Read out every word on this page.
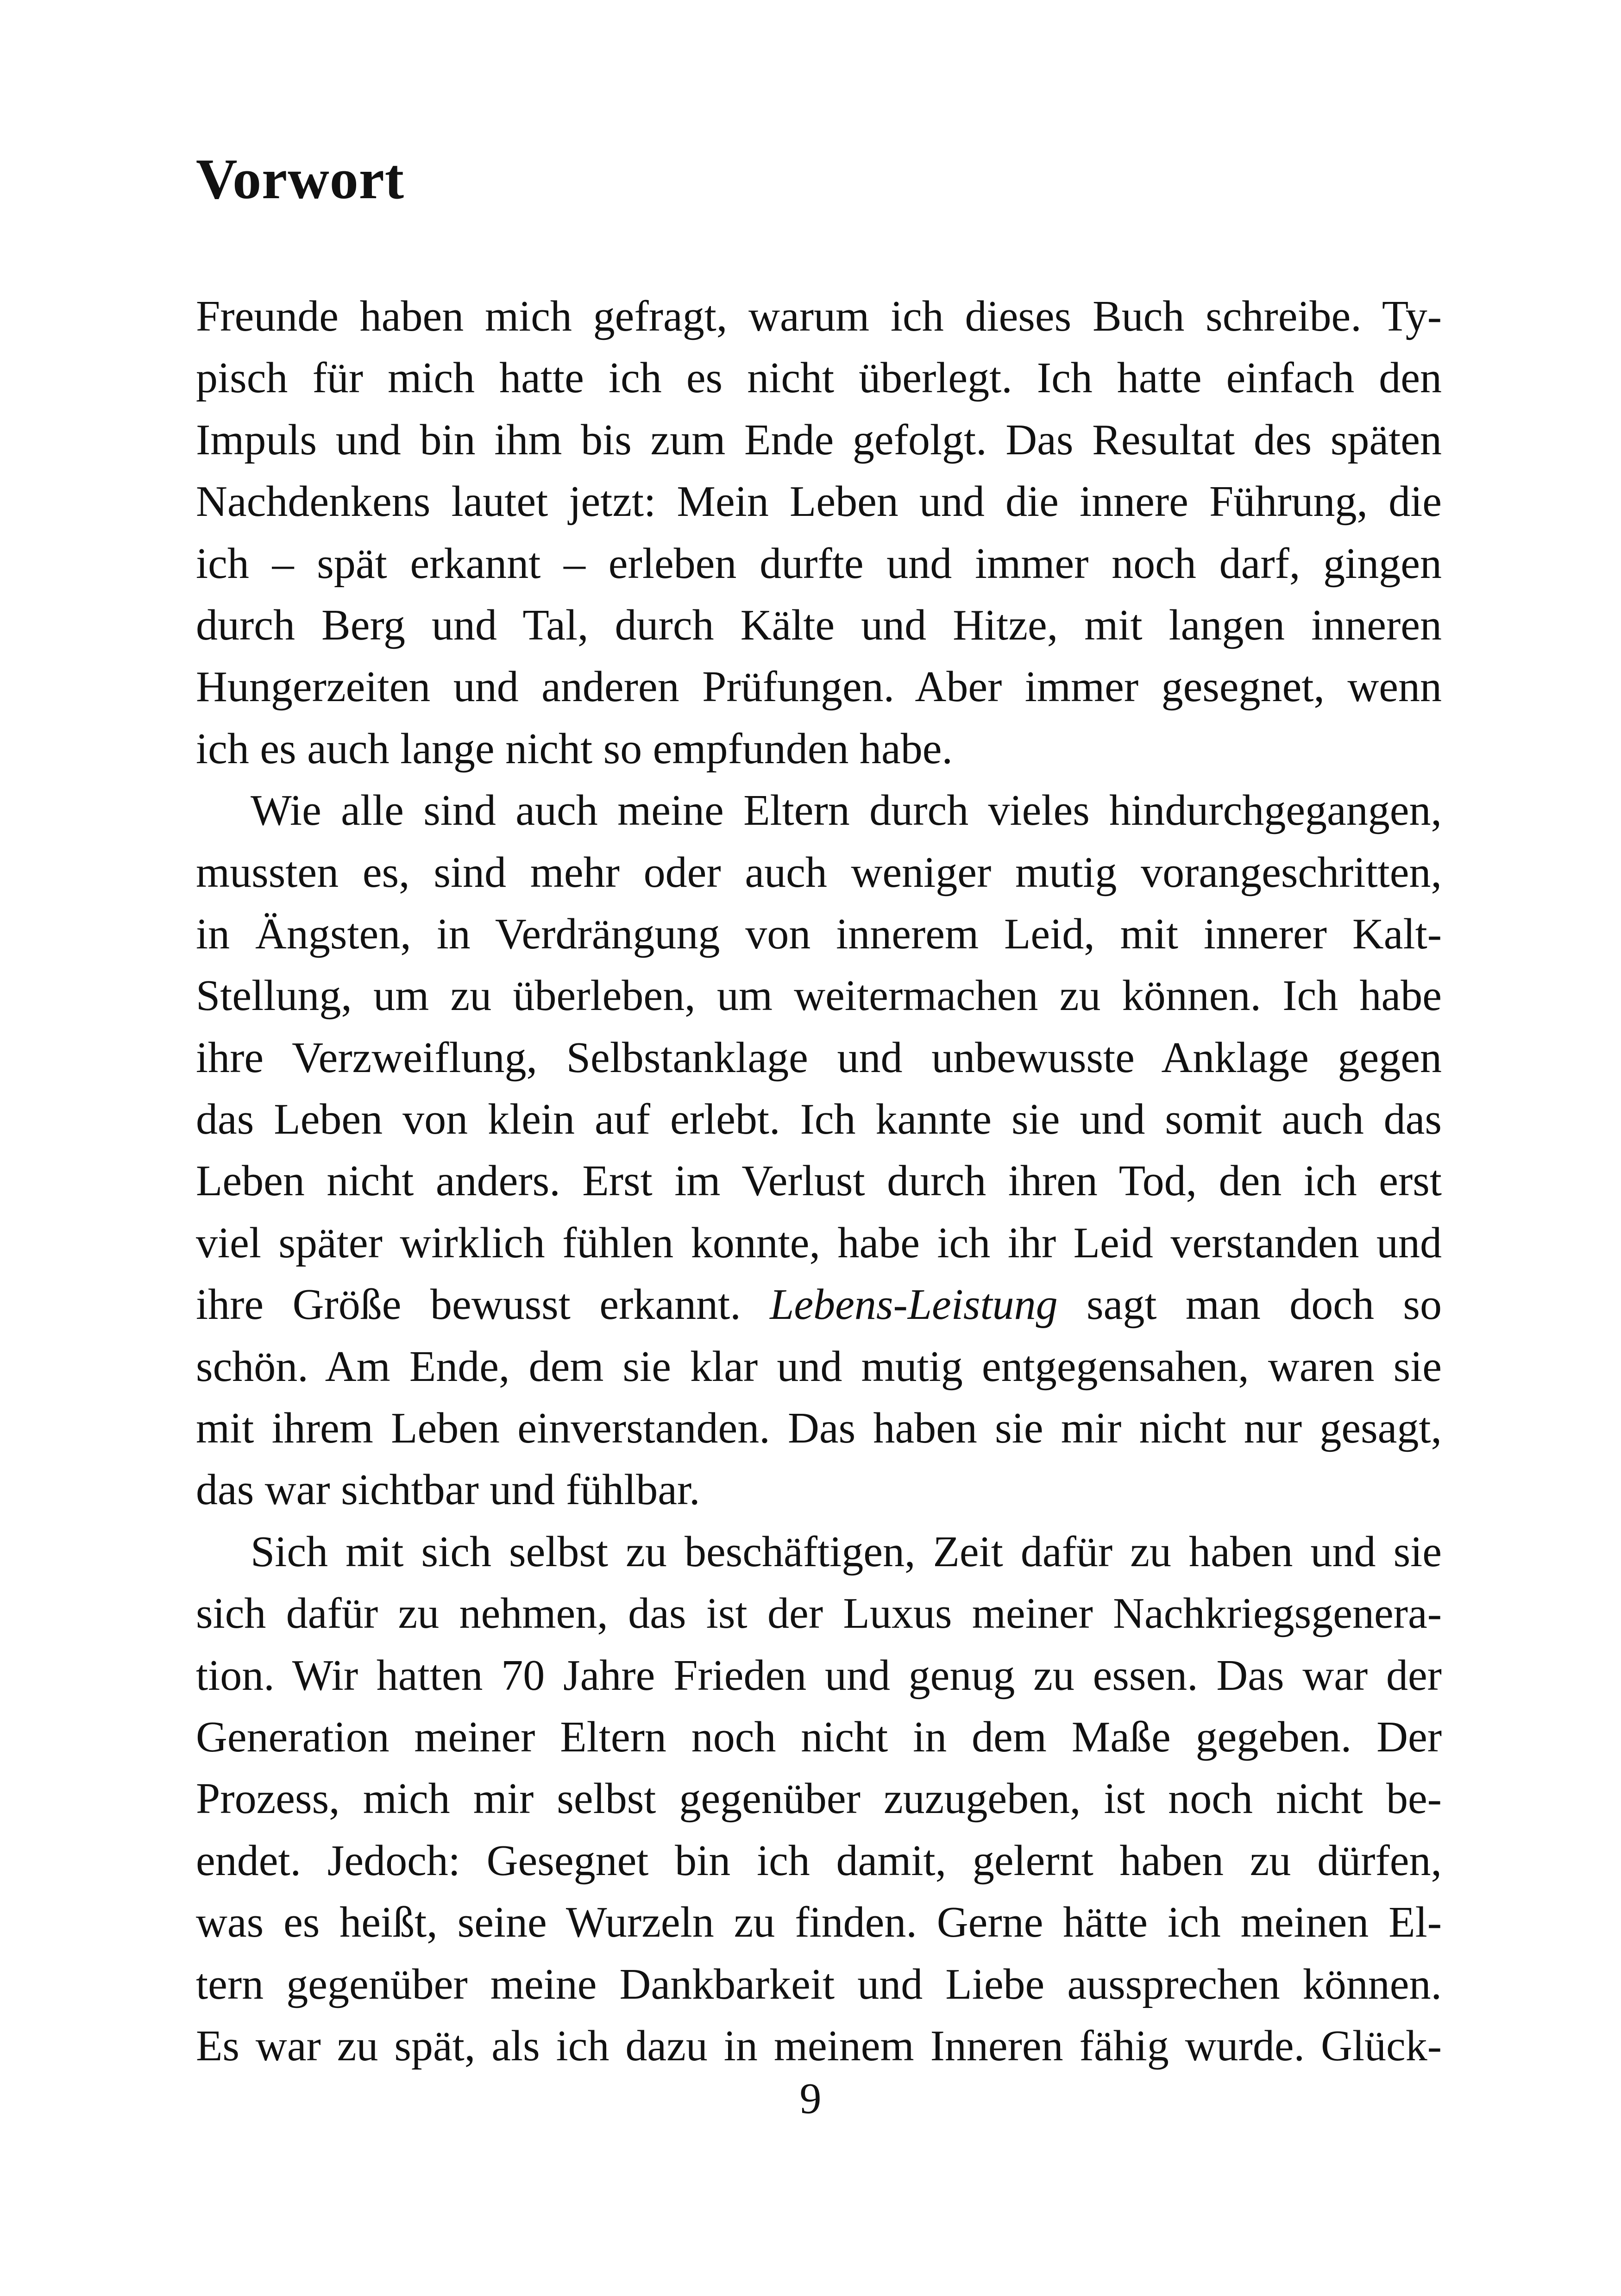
Vorwort
Freunde haben mich gefragt, warum ich dieses Buch schreibe. Ty-
pisch für mich hatte ich es nicht überlegt. Ich hatte einfach den
Impuls und bin ihm bis zum Ende gefolgt. Das Resultat des späten
Nachdenkens lautet jetzt: Mein Leben und die innere Führung, die
ich – spät erkannt – erleben durfte und immer noch darf, gingen
durch Berg und Tal, durch Kälte und Hitze, mit langen inneren
Hungerzeiten und anderen Prüfungen. Aber immer gesegnet, wenn
ich es auch lange nicht so empfunden habe.
Wie alle sind auch meine Eltern durch vieles hindurchgegangen,
mussten es, sind mehr oder auch weniger mutig vorangeschritten,
in Ängsten, in Verdrängung von innerem Leid, mit innerer Kalt-
Stellung, um zu überleben, um weitermachen zu können. Ich habe
ihre Verzweiflung, Selbstanklage und unbewusste Anklage gegen
das Leben von klein auf erlebt. Ich kannte sie und somit auch das
Leben nicht anders. Erst im Verlust durch ihren Tod, den ich erst
viel später wirklich fühlen konnte, habe ich ihr Leid verstanden und
ihre Größe bewusst erkannt. Lebens-Leistung sagt man doch so
schön. Am Ende, dem sie klar und mutig entgegensahen, waren sie
mit ihrem Leben einverstanden. Das haben sie mir nicht nur gesagt,
das war sichtbar und fühlbar.
Sich mit sich selbst zu beschäftigen, Zeit dafür zu haben und sie
sich dafür zu nehmen, das ist der Luxus meiner Nachkriegsgenera-
tion. Wir hatten 70 Jahre Frieden und genug zu essen. Das war der
Generation meiner Eltern noch nicht in dem Maße gegeben. Der
Prozess, mich mir selbst gegenüber zuzugeben, ist noch nicht be-
endet. Jedoch: Gesegnet bin ich damit, gelernt haben zu dürfen,
was es heißt, seine Wurzeln zu finden. Gerne hätte ich meinen El-
tern gegenüber meine Dankbarkeit und Liebe aussprechen können.
Es war zu spät, als ich dazu in meinem Inneren fähig wurde. Glück-
9
